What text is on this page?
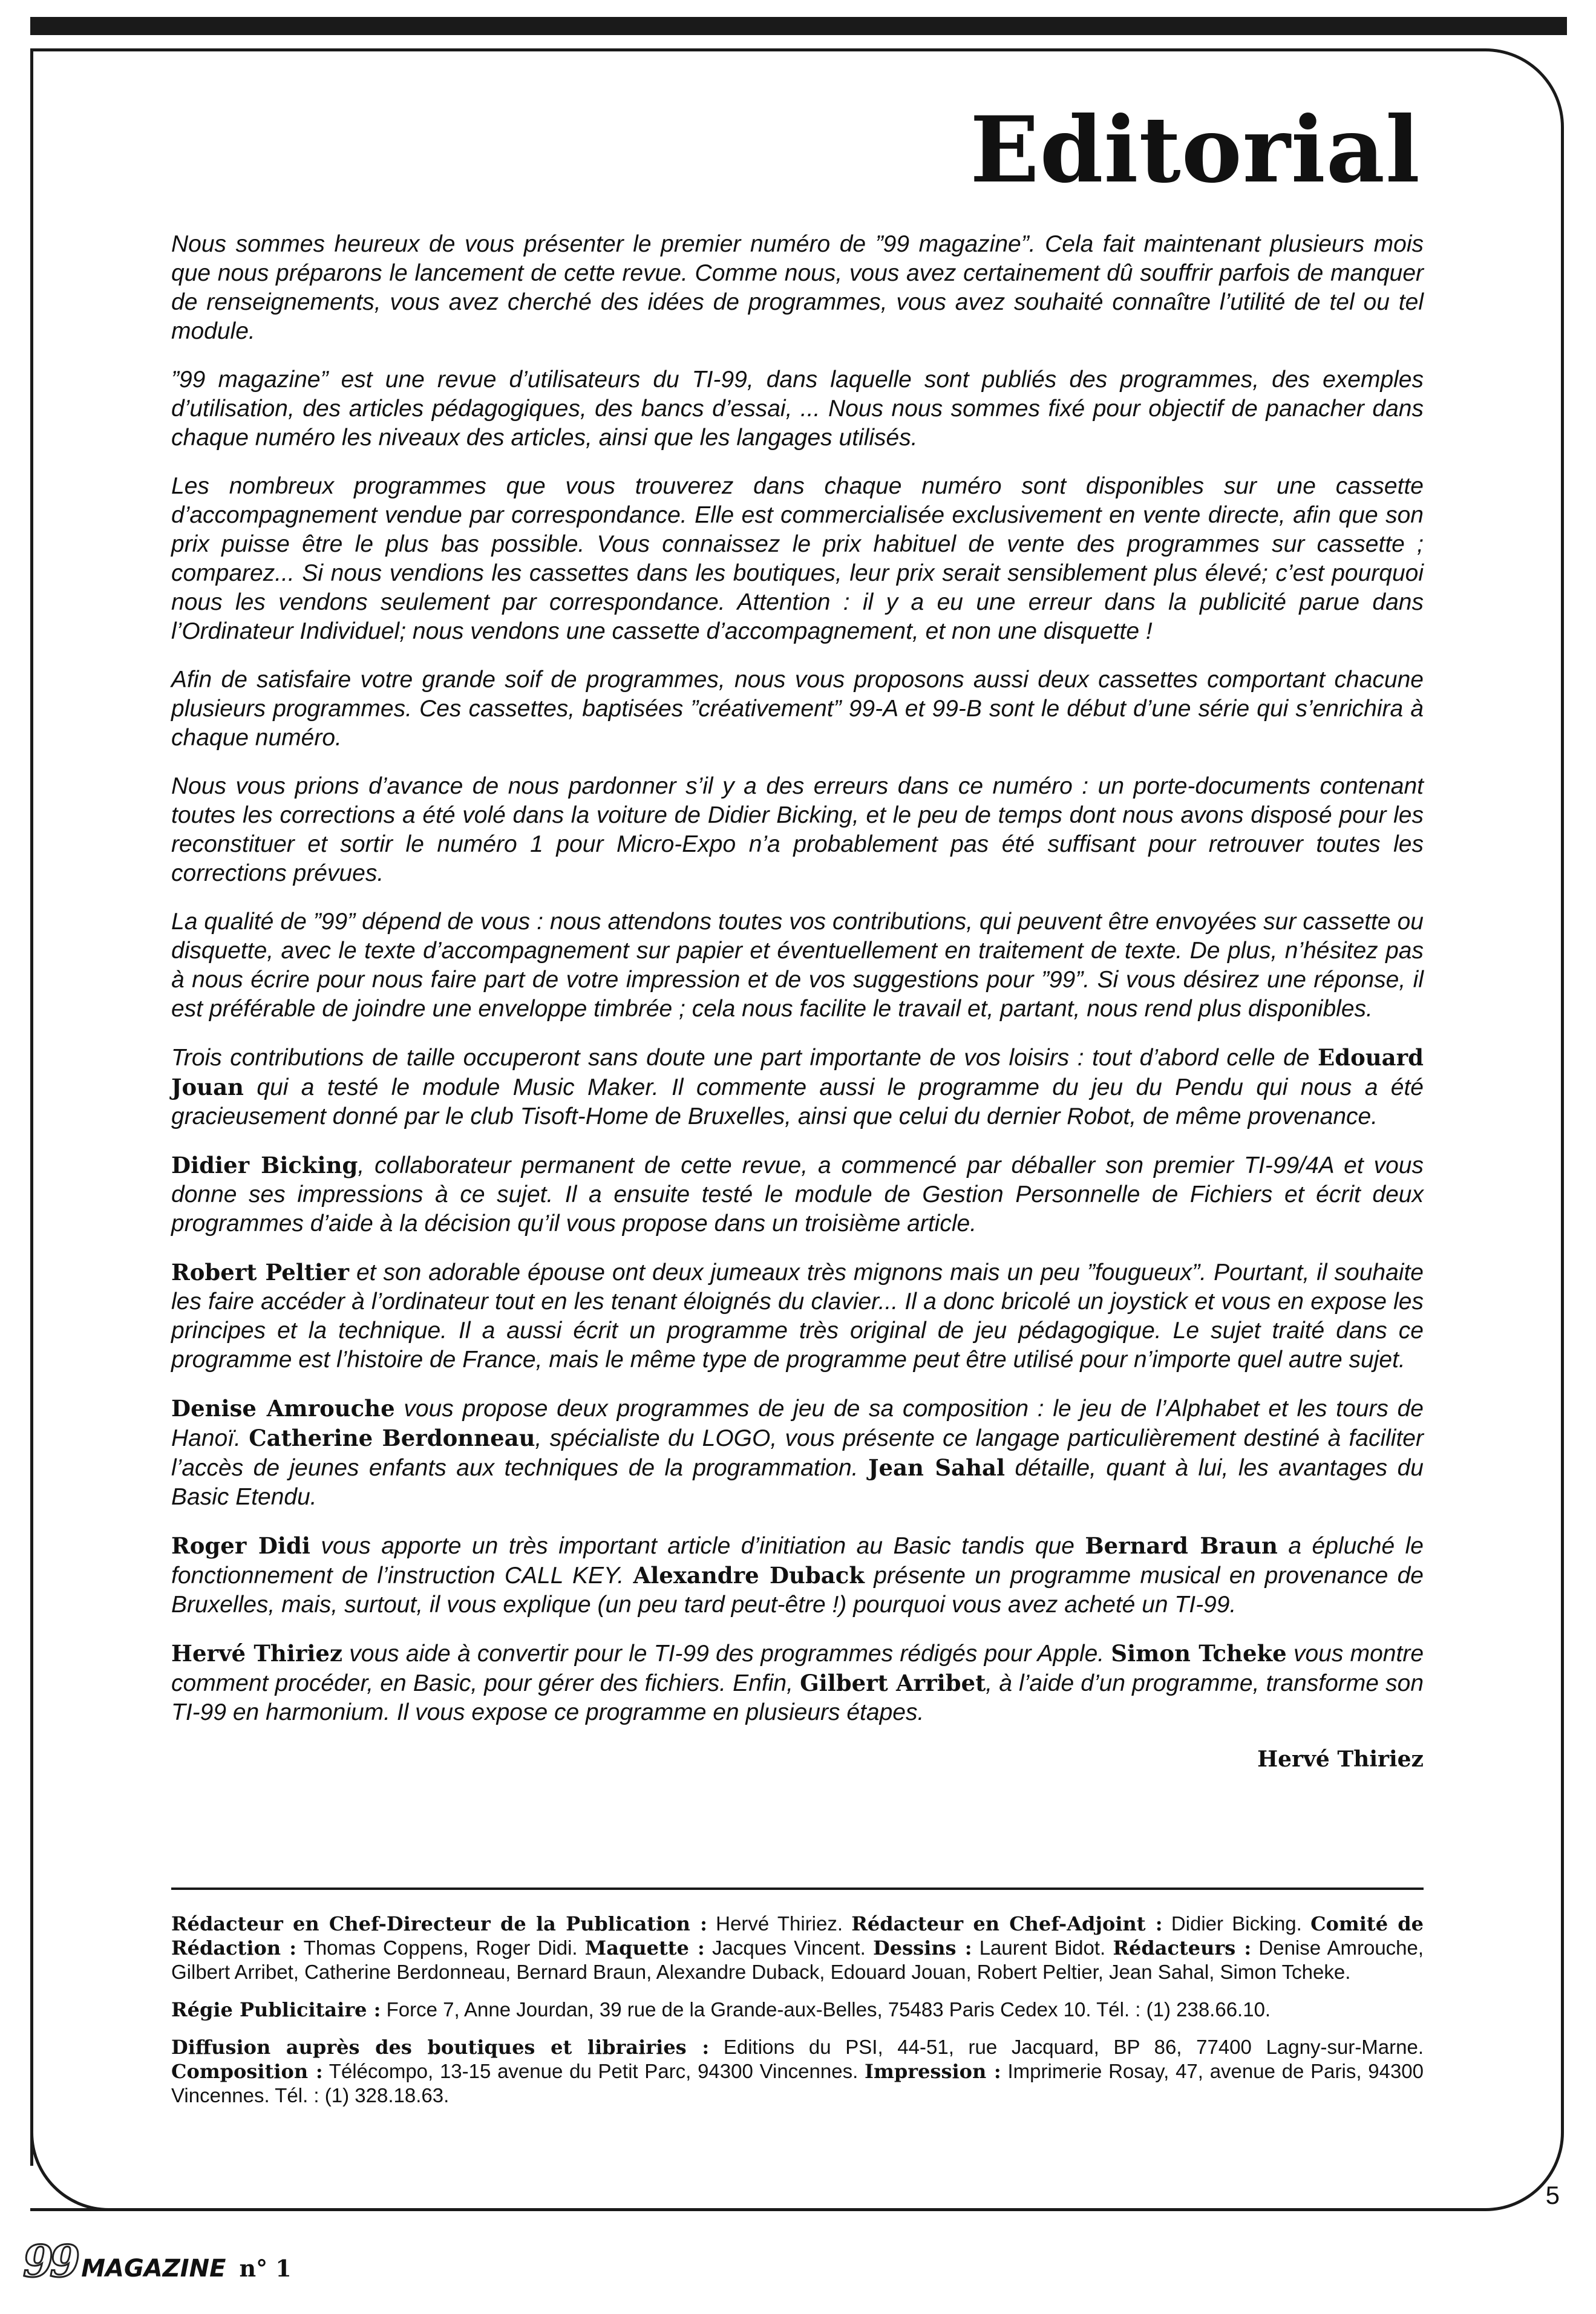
Editorial

Nous sommes heureux de vous présenter le premier numéro de ”99 magazine”. Cela fait maintenant plusieurs mois que nous préparons le lancement de cette revue. Comme nous, vous avez certainement dû souffrir parfois de manquer de renseignements, vous avez cherché des idées de programmes, vous avez souhaité connaître l’utilité de tel ou tel module.

”99 magazine” est une revue d’utilisateurs du TI-99, dans laquelle sont publiés des programmes, des exemples d’utilisation, des articles pédagogiques, des bancs d’essai, ... Nous nous sommes fixé pour objectif de panacher dans chaque numéro les niveaux des articles, ainsi que les langages utilisés.

Les nombreux programmes que vous trouverez dans chaque numéro sont disponibles sur une cassette d’accompagnement vendue par correspondance. Elle est commercialisée exclusivement en vente directe, afin que son prix puisse être le plus bas possible. Vous connaissez le prix habituel de vente des programmes sur cassette ; comparez... Si nous vendions les cassettes dans les boutiques, leur prix serait sensiblement plus élevé; c’est pourquoi nous les vendons seulement par correspondance. Attention : il y a eu une erreur dans la publicité parue dans l’Ordinateur Individuel; nous vendons une cassette d’accompagnement, et non une disquette !

Afin de satisfaire votre grande soif de programmes, nous vous proposons aussi deux cassettes comportant chacune plusieurs programmes. Ces cassettes, baptisées ”créativement” 99-A et 99-B sont le début d’une série qui s’enrichira à chaque numéro.

Nous vous prions d’avance de nous pardonner s’il y a des erreurs dans ce numéro : un porte-documents contenant toutes les corrections a été volé dans la voiture de Didier Bicking, et le peu de temps dont nous avons disposé pour les reconstituer et sortir le numéro 1 pour Micro-Expo n’a probablement pas été suffisant pour retrouver toutes les corrections prévues.

La qualité de ”99” dépend de vous : nous attendons toutes vos contributions, qui peuvent être envoyées sur cassette ou disquette, avec le texte d’accompagnement sur papier et éventuellement en traitement de texte. De plus, n’hésitez pas à nous écrire pour nous faire part de votre impression et de vos suggestions pour ”99”. Si vous désirez une réponse, il est préférable de joindre une enveloppe timbrée ; cela nous facilite le travail et, partant, nous rend plus disponibles.

Trois contributions de taille occuperont sans doute une part importante de vos loisirs : tout d’abord celle de Edouard Jouan qui a testé le module Music Maker. Il commente aussi le programme du jeu du Pendu qui nous a été gracieusement donné par le club Tisoft-Home de Bruxelles, ainsi que celui du dernier Robot, de même provenance.

Didier Bicking, collaborateur permanent de cette revue, a commencé par déballer son premier TI-99/4A et vous donne ses impressions à ce sujet. Il a ensuite testé le module de Gestion Personnelle de Fichiers et écrit deux programmes d’aide à la décision qu’il vous propose dans un troisième article.

Robert Peltier et son adorable épouse ont deux jumeaux très mignons mais un peu ”fougueux”. Pourtant, il souhaite les faire accéder à l’ordinateur tout en les tenant éloignés du clavier... Il a donc bricolé un joystick et vous en expose les principes et la technique. Il a aussi écrit un programme très original de jeu pédagogique. Le sujet traité dans ce programme est l’histoire de France, mais le même type de programme peut être utilisé pour n’importe quel autre sujet.

Denise Amrouche vous propose deux programmes de jeu de sa composition : le jeu de l’Alphabet et les tours de Hanoï. Catherine Berdonneau, spécialiste du LOGO, vous présente ce langage particulièrement destiné à faciliter l’accès de jeunes enfants aux techniques de la programmation. Jean Sahal détaille, quant à lui, les avantages du Basic Etendu.

Roger Didi vous apporte un très important article d’initiation au Basic tandis que Bernard Braun a épluché le fonctionnement de l’instruction CALL KEY. Alexandre Duback présente un programme musical en provenance de Bruxelles, mais, surtout, il vous explique (un peu tard peut-être !) pourquoi vous avez acheté un TI-99.

Hervé Thiriez vous aide à convertir pour le TI-99 des programmes rédigés pour Apple. Simon Tcheke vous montre comment procéder, en Basic, pour gérer des fichiers. Enfin, Gilbert Arribet, à l’aide d’un programme, transforme son TI-99 en harmonium. Il vous expose ce programme en plusieurs étapes.

Hervé Thiriez

Rédacteur en Chef-Directeur de la Publication : Hervé Thiriez. Rédacteur en Chef-Adjoint : Didier Bicking. Comité de Rédaction : Thomas Coppens, Roger Didi. Maquette : Jacques Vincent. Dessins : Laurent Bidot. Rédacteurs : Denise Amrouche, Gilbert Arribet, Catherine Berdonneau, Bernard Braun, Alexandre Duback, Edouard Jouan, Robert Peltier, Jean Sahal, Simon Tcheke.

Régie Publicitaire : Force 7, Anne Jourdan, 39 rue de la Grande-aux-Belles, 75483 Paris Cedex 10. Tél. : (1) 238.66.10.

Diffusion auprès des boutiques et librairies : Editions du PSI, 44-51, rue Jacquard, BP 86, 77400 Lagny-sur-Marne. Composition : Télécompo, 13-15 avenue du Petit Parc, 94300 Vincennes. Impression : Imprimerie Rosay, 47, avenue de Paris, 94300 Vincennes. Tél. : (1) 328.18.63.

5
99 MAGAZINE n° 1
